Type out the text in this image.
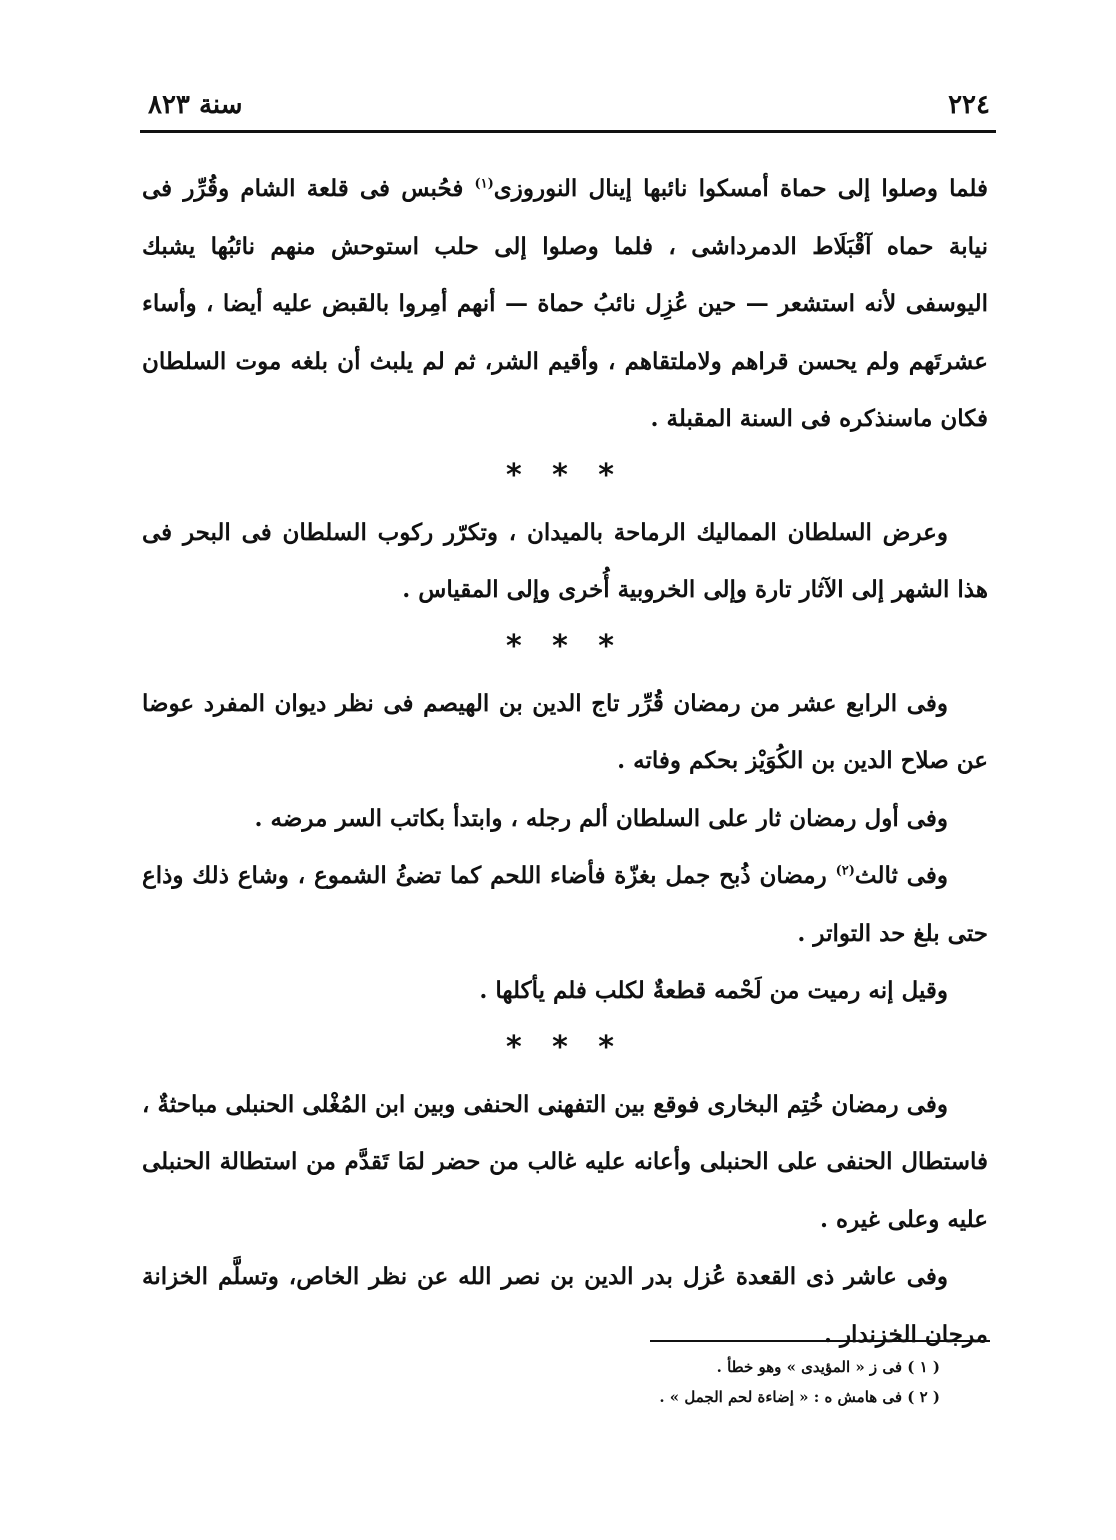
٢٢٤
سنة ٨٢٣

فلما وصلوا إلى حماة أمسكوا نائبها إينال النوروزى$^{(١)}$ فحُبس فى قلعة الشام وقُرِّر فى نيابة حماه آقْبَلَاط الدمرداشى ، فلما وصلوا إلى حلب استوحش منهم نائبُها يشبك اليوسفى لأنه استشعر — حين عُزِل نائبُ حماة — أنهم أمِروا بالقبض عليه أيضا ، وأساء عشرتَهم ولم يحسن قراهم ولاملتقاهم ، وأقيم الشر، ثم لم يلبث أن بلغه موت السلطان فكان ماسنذكره فى السنة المقبلة .

* * *

وعرض السلطان المماليك الرماحة بالميدان ، وتكرّر ركوب السلطان فى البحر فى هذا الشهر إلى الآثار تارة وإلى الخروبية أُخرى وإلى المقياس .

* * *

وفى الرابع عشر من رمضان قُرِّر تاج الدين بن الهيصم فى نظر ديوان المفرد عوضا عن صلاح الدين بن الكُوَيْز بحكم وفاته .

وفى أول رمضان ثار على السلطان ألم رجله ، وابتدأ بكاتب السر مرضه .

وفى ثالث$^{(٢)}$ رمضان ذُبح جمل بغزّة فأضاء اللحم كما تضئُ الشموع ، وشاع ذلك وذاع حتى بلغ حد التواتر .

وقيل إنه رميت من لَحْمه قطعةٌ لكلب فلم يأكلها .

* * *

وفى رمضان خُتِم البخارى فوقع بين التفهنى الحنفى وبين ابن المُغْلى الحنبلى مباحثةٌ ، فاستطال الحنفى على الحنبلى وأعانه عليه غالب من حضر لمَا تَقدَّم من استطالة الحنبلى عليه وعلى غيره .

وفى عاشر ذى القعدة عُزل بدر الدين بن نصر الله عن نظر الخاص، وتسلَّم الخزانة مرجان الخزندار .

( ١ ) فى ز « المؤيدى » وهو خطأ .

( ٢ ) فى هامش ه : « إضاءة لحم الجمل » .
